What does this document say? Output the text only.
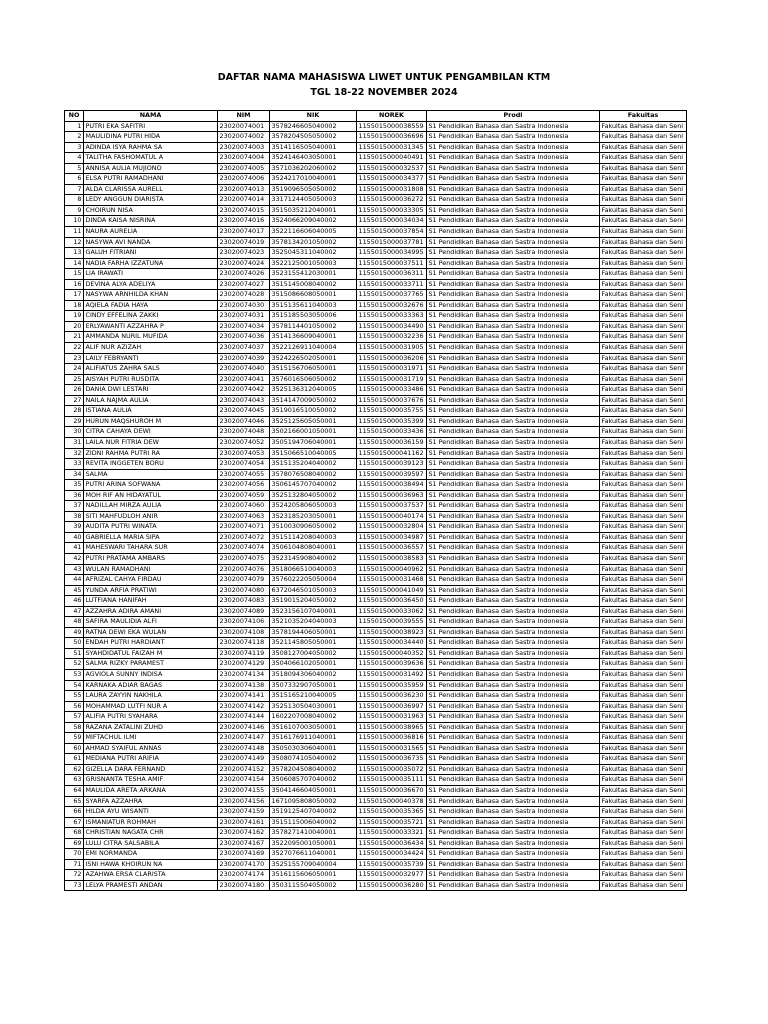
DAFTAR NAMA MAHASISWA LIWET UNTUK PENGAMBILAN KTM
TGL 18-22 NOVEMBER 2024
NO	NAMA	NIM	NIK	NOREK	Prodi	Fakultas
1	PUTRI EKA SAFITRI	23020074001	3578246605040002	1155015000038559	S1 Pendidikan Bahasa dan Sastra Indonesia	Fakultas Bahasa dan Seni
2	MAULIDINA PUTRI HIDA	23020074002	3578204505050002	1155015000036696	S1 Pendidikan Bahasa dan Sastra Indonesia	Fakultas Bahasa dan Seni
3	ADINDA ISYA RAHMA SA	23020074003	3514116505040001	1155015000031345	S1 Pendidikan Bahasa dan Sastra Indonesia	Fakultas Bahasa dan Seni
4	TALITHA FASHOMATUL A	23020074004	3524146403050001	1155015000040491	S1 Pendidikan Bahasa dan Sastra Indonesia	Fakultas Bahasa dan Seni
5	ANNISA AULIA MUJIONO	23020074005	3571036202060002	1155015000032537	S1 Pendidikan Bahasa dan Sastra Indonesia	Fakultas Bahasa dan Seni
6	ELSA PUTRI RAMADHANI	23020074006	3524217010040001	1155015000034377	S1 Pendidikan Bahasa dan Sastra Indonesia	Fakultas Bahasa dan Seni
7	ALDA CLARISSA AURELL	23020074013	3519096505050002	1155015000031808	S1 Pendidikan Bahasa dan Sastra Indonesia	Fakultas Bahasa dan Seni
8	LEDY ANGGUN DIARISTA	23020074014	3317124405050003	1155015000036272	S1 Pendidikan Bahasa dan Sastra Indonesia	Fakultas Bahasa dan Seni
9	CHOIRUN NISA	23020074015	3515035212040001	1155015000033305	S1 Pendidikan Bahasa dan Sastra Indonesia	Fakultas Bahasa dan Seni
10	DINDA KAISA NISRINA	23020074016	3524066209040002	1155015000034034	S1 Pendidikan Bahasa dan Sastra Indonesia	Fakultas Bahasa dan Seni
11	NAURA AURELIA	23020074017	3522116606040005	1155015000037854	S1 Pendidikan Bahasa dan Sastra Indonesia	Fakultas Bahasa dan Seni
12	NASYWA AVI NANDA	23020074019	3578134201050002	1155015000037781	S1 Pendidikan Bahasa dan Sastra Indonesia	Fakultas Bahasa dan Seni
13	GALUH FITRIANI	23020074023	3525045311040002	1155015000034995	S1 Pendidikan Bahasa dan Sastra Indonesia	Fakultas Bahasa dan Seni
14	NADIA FARHA IZZATUNA	23020074024	3522125001050003	1155015000037511	S1 Pendidikan Bahasa dan Sastra Indonesia	Fakultas Bahasa dan Seni
15	LIA IRAWATI	23020074026	3523155412030001	1155015000036311	S1 Pendidikan Bahasa dan Sastra Indonesia	Fakultas Bahasa dan Seni
16	DEVINA ALYA ADELIYA	23020074027	3515145008040002	1155015000033711	S1 Pendidikan Bahasa dan Sastra Indonesia	Fakultas Bahasa dan Seni
17	NASYWA ARNHILDA KHAN	23020074028	3515086608050001	1155015000037765	S1 Pendidikan Bahasa dan Sastra Indonesia	Fakultas Bahasa dan Seni
18	AQIELA FADIA HAYA	23020074030	3515135611040003	1155015000032676	S1 Pendidikan Bahasa dan Sastra Indonesia	Fakultas Bahasa dan Seni
19	CINDY EFFELINA ZAKKI	23020074031	3515185503050006	1155015000033363	S1 Pendidikan Bahasa dan Sastra Indonesia	Fakultas Bahasa dan Seni
20	ERLYAWANTI AZZAHRA P	23020074034	3578114401050002	1155015000034490	S1 Pendidikan Bahasa dan Sastra Indonesia	Fakultas Bahasa dan Seni
21	AMMANDA NURIL MUFIDA	23020074036	3514136609040001	1155015000032236	S1 Pendidikan Bahasa dan Sastra Indonesia	Fakultas Bahasa dan Seni
22	ALIF NUR AZIZAH	23020074037	3522126911040004	1155015000031905	S1 Pendidikan Bahasa dan Sastra Indonesia	Fakultas Bahasa dan Seni
23	LAILY FEBRYANTI	23020074039	3524226502050001	1155015000036206	S1 Pendidikan Bahasa dan Sastra Indonesia	Fakultas Bahasa dan Seni
24	ALIFIATUS ZAHRA SALS	23020074040	3515156706050001	1155015000031971	S1 Pendidikan Bahasa dan Sastra Indonesia	Fakultas Bahasa dan Seni
25	AISYAH PUTRI RUSDITA	23020074041	3576016506050002	1155015000031719	S1 Pendidikan Bahasa dan Sastra Indonesia	Fakultas Bahasa dan Seni
26	DANIA DWI LESTARI	23020074042	3525136312040005	1155015000033486	S1 Pendidikan Bahasa dan Sastra Indonesia	Fakultas Bahasa dan Seni
27	NAILA NAJMA AULIA	23020074043	3514147009050002	1155015000037676	S1 Pendidikan Bahasa dan Sastra Indonesia	Fakultas Bahasa dan Seni
28	ISTIANA AULIA	23020074045	3519016510050002	1155015000035755	S1 Pendidikan Bahasa dan Sastra Indonesia	Fakultas Bahasa dan Seni
29	HURUN MAQSHUROH M	23020074046	3525125605050001	1155015000035399	S1 Pendidikan Bahasa dan Sastra Indonesia	Fakultas Bahasa dan Seni
30	CITRA CAHAYA DEWI	23020074048	3502166001050001	1155015000033436	S1 Pendidikan Bahasa dan Sastra Indonesia	Fakultas Bahasa dan Seni
31	LAILA NUR FITRIA DEW	23020074052	3505194706040001	1155015000036159	S1 Pendidikan Bahasa dan Sastra Indonesia	Fakultas Bahasa dan Seni
32	ZIDNI RAHMA PUTRI RA	23020074053	3515066510040005	1155015000041162	S1 Pendidikan Bahasa dan Sastra Indonesia	Fakultas Bahasa dan Seni
33	REVITA INGGETEN BORU	23020074054	3515135204040002	1155015000039123	S1 Pendidikan Bahasa dan Sastra Indonesia	Fakultas Bahasa dan Seni
34	SALMA	23020074055	3578076508040002	1155015000039597	S1 Pendidikan Bahasa dan Sastra Indonesia	Fakultas Bahasa dan Seni
35	PUTRI ARINA SOFWANA	23020074056	3506145707040002	1155015000038494	S1 Pendidikan Bahasa dan Sastra Indonesia	Fakultas Bahasa dan Seni
36	MOH RIF AN HIDAYATUL	23020074059	3525132804050002	1155015000036963	S1 Pendidikan Bahasa dan Sastra Indonesia	Fakultas Bahasa dan Seni
37	NADILLAH MIRZA AULIA	23020074060	3524205806050003	1155015000037537	S1 Pendidikan Bahasa dan Sastra Indonesia	Fakultas Bahasa dan Seni
38	SITI MAHFUDLOH ANIR	23020074063	3523185203050001	1155015000040174	S1 Pendidikan Bahasa dan Sastra Indonesia	Fakultas Bahasa dan Seni
39	AUDITA PUTRI WINATA	23020074071	3510030906050002	1155015000032804	S1 Pendidikan Bahasa dan Sastra Indonesia	Fakultas Bahasa dan Seni
40	GABRIELLA MARIA SIPA	23020074072	3515114208040003	1155015000034987	S1 Pendidikan Bahasa dan Sastra Indonesia	Fakultas Bahasa dan Seni
41	MAHESWARI TAHARA SUR	23020074074	3506104808040001	1155015000036557	S1 Pendidikan Bahasa dan Sastra Indonesia	Fakultas Bahasa dan Seni
42	PUTRI PRATAMA AMBARS	23020074075	3523145908040002	1155015000038583	S1 Pendidikan Bahasa dan Sastra Indonesia	Fakultas Bahasa dan Seni
43	WULAN RAMADHANI	23020074076	3518066510040003	1155015000040962	S1 Pendidikan Bahasa dan Sastra Indonesia	Fakultas Bahasa dan Seni
44	AFRIZAL CAHYA FIRDAU	23020074079	3576022205050004	1155015000031468	S1 Pendidikan Bahasa dan Sastra Indonesia	Fakultas Bahasa dan Seni
45	YUNDA ARFIA PRATIWI	23020074080	6372046501050003	1155015000041049	S1 Pendidikan Bahasa dan Sastra Indonesia	Fakultas Bahasa dan Seni
46	LUTFIANA HANIFAH	23020074083	3519015204050002	1155015000036450	S1 Pendidikan Bahasa dan Sastra Indonesia	Fakultas Bahasa dan Seni
47	AZZAHRA ADIRA AMANI	23020074089	3523156107040001	1155015000033062	S1 Pendidikan Bahasa dan Sastra Indonesia	Fakultas Bahasa dan Seni
48	SAFIRA MAULIDIA ALFI	23020074106	3521035204040003	1155015000039555	S1 Pendidikan Bahasa dan Sastra Indonesia	Fakultas Bahasa dan Seni
49	RATNA DEWI EKA WULAN	23020074108	3578194406050001	1155015000038923	S1 Pendidikan Bahasa dan Sastra Indonesia	Fakultas Bahasa dan Seni
50	ENDAH PUTRI HARDIANT	23020074118	3521145805050001	1155015000034440	S1 Pendidikan Bahasa dan Sastra Indonesia	Fakultas Bahasa dan Seni
51	SYAHDIDATUL FAIZAH M	23020074119	3508127004050002	1155015000040352	S1 Pendidikan Bahasa dan Sastra Indonesia	Fakultas Bahasa dan Seni
52	SALMA RIZKY PARAMEST	23020074129	3504066102050001	1155015000039636	S1 Pendidikan Bahasa dan Sastra Indonesia	Fakultas Bahasa dan Seni
53	AGVIOLA SUNNY INDISA	23020074134	3518094306040002	1155015000031492	S1 Pendidikan Bahasa dan Sastra Indonesia	Fakultas Bahasa dan Seni
54	KARNAKA ADIAR BAGAS	23020074138	3507332907050001	1155015000035959	S1 Pendidikan Bahasa dan Sastra Indonesia	Fakultas Bahasa dan Seni
55	LAURA ZAYYIN NAKHILA	23020074141	3515165210040005	1155015000036230	S1 Pendidikan Bahasa dan Sastra Indonesia	Fakultas Bahasa dan Seni
56	MOHAMMAD LUTFI NUR A	23020074142	3525130504030001	1155015000036997	S1 Pendidikan Bahasa dan Sastra Indonesia	Fakultas Bahasa dan Seni
57	ALIFIA PUTRI SYAHARA	23020074144	1602207008040002	1155015000031963	S1 Pendidikan Bahasa dan Sastra Indonesia	Fakultas Bahasa dan Seni
58	RAZANA ZATALINI ZUHD	23020074146	3516107003050001	1155015000038965	S1 Pendidikan Bahasa dan Sastra Indonesia	Fakultas Bahasa dan Seni
59	MIFTACHUL ILMI	23020074147	3516176911040001	1155015000036816	S1 Pendidikan Bahasa dan Sastra Indonesia	Fakultas Bahasa dan Seni
60	AHMAD SYAIFUL ANNAS	23020074148	3505030306040001	1155015000031565	S1 Pendidikan Bahasa dan Sastra Indonesia	Fakultas Bahasa dan Seni
61	MEDIANA PUTRI ARIFIA	23020074149	3508074105040002	1155015000036735	S1 Pendidikan Bahasa dan Sastra Indonesia	Fakultas Bahasa dan Seni
62	GIZELLA DARA FERNAND	23020074152	3578204508040002	1155015000035072	S1 Pendidikan Bahasa dan Sastra Indonesia	Fakultas Bahasa dan Seni
63	GRISNANTA TESHA AMIF	23020074154	3506085707040002	1155015000035111	S1 Pendidikan Bahasa dan Sastra Indonesia	Fakultas Bahasa dan Seni
64	MAULIDA ARETA ARKANA	23020074155	3504146604050001	1155015000036670	S1 Pendidikan Bahasa dan Sastra Indonesia	Fakultas Bahasa dan Seni
65	SYARFA AZZAHRA	23020074156	1671095808050002	1155015000040378	S1 Pendidikan Bahasa dan Sastra Indonesia	Fakultas Bahasa dan Seni
66	HILDA AYU WISANTI	23020074159	3519125407040002	1155015000035365	S1 Pendidikan Bahasa dan Sastra Indonesia	Fakultas Bahasa dan Seni
67	ISMANIATUR ROHMAH	23020074161	3515115006040002	1155015000035721	S1 Pendidikan Bahasa dan Sastra Indonesia	Fakultas Bahasa dan Seni
68	CHRISTIAN NAGATA CHR	23020074162	3578271410040001	1155015000033321	S1 Pendidikan Bahasa dan Sastra Indonesia	Fakultas Bahasa dan Seni
69	LULU CITRA SALSABILA	23020074167	3522095001050001	1155015000036434	S1 Pendidikan Bahasa dan Sastra Indonesia	Fakultas Bahasa dan Seni
70	EMI NORMANDA	23020074169	3527076611040001	1155015000034424	S1 Pendidikan Bahasa dan Sastra Indonesia	Fakultas Bahasa dan Seni
71	ISNI HAWA KHOIRUN NA	23020074170	3525155709040004	1155015000035739	S1 Pendidikan Bahasa dan Sastra Indonesia	Fakultas Bahasa dan Seni
72	AZAHWA ERSA CLARISTA	23020074174	3516115606050001	1155015000032977	S1 Pendidikan Bahasa dan Sastra Indonesia	Fakultas Bahasa dan Seni
73	LELYA PRAMESTI ANDAN	23020074180	3503115504050002	1155015000036280	S1 Pendidikan Bahasa dan Sastra Indonesia	Fakultas Bahasa dan Seni
